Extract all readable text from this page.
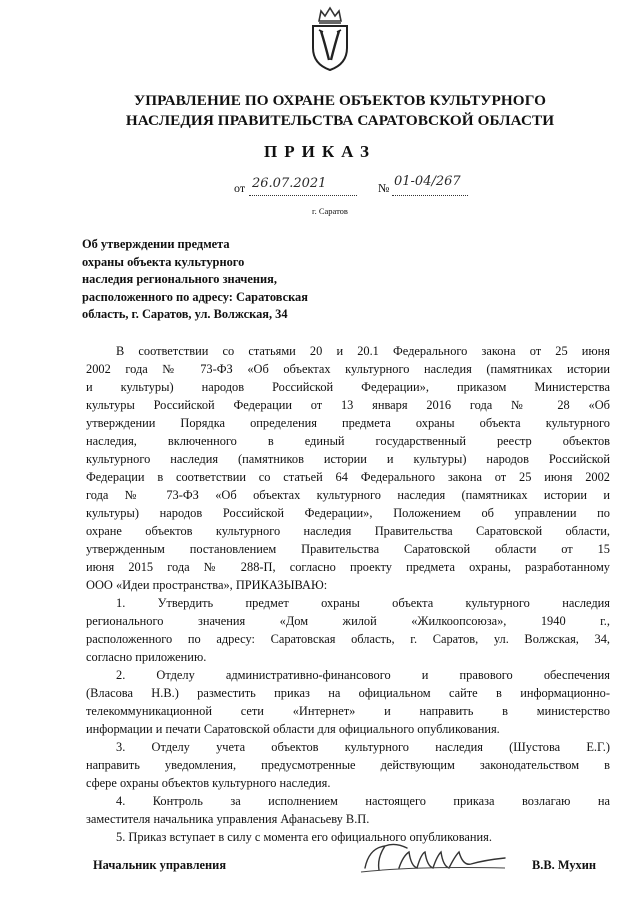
УПРАВЛЕНИЕ ПО ОХРАНЕ ОБЪЕКТОВ КУЛЬТУРНОГО
НАСЛЕДИЯ ПРАВИТЕЛЬСТВА САРАТОВСКОЙ ОБЛАСТИ
ПРИКАЗ
от 26.07.2021	№ 01-04/267
г. Саратов
Об утверждении предмета
охраны объекта культурного
наследия регионального значения,
расположенного по адресу: Саратовская
область, г. Саратов, ул. Волжская, 34
В соответствии со статьями 20 и 20.1 Федерального закона от 25 июня
2002 года № 73-ФЗ «Об объектах культурного наследия (памятниках истории
и культуры) народов Российской Федерации», приказом Министерства
культуры Российской Федерации от 13 января 2016 года № 28 «Об
утверждении Порядка определения предмета охраны объекта культурного
наследия, включенного в единый государственный реестр объектов
культурного наследия (памятников истории и культуры) народов Российской
Федерации в соответствии со статьей 64 Федерального закона от 25 июня 2002
года № 73-ФЗ «Об объектах культурного наследия (памятниках истории и
культуры) народов Российской Федерации», Положением об управлении по
охране объектов культурного наследия Правительства Саратовской области,
утвержденным постановлением Правительства Саратовской области от 15
июня 2015 года № 288-П, согласно проекту предмета охраны, разработанному
ООО «Идеи пространства», ПРИКАЗЫВАЮ:
1. Утвердить предмет охраны объекта культурного наследия
регионального значения «Дом жилой «Жилкоопсоюза», 1940 г.,
расположенного по адресу: Саратовская область, г. Саратов, ул. Волжская, 34,
согласно приложению.
2. Отделу административно-финансового и правового обеспечения
(Власова Н.В.) разместить приказ на официальном сайте в информационно-
телекоммуникационной сети «Интернет» и направить в министерство
информации и печати Саратовской области для официального опубликования.
3. Отделу учета объектов культурного наследия (Шустова Е.Г.)
направить уведомления, предусмотренные действующим законодательством в
сфере охраны объектов культурного наследия.
4. Контроль за исполнением настоящего приказа возлагаю на
заместителя начальника управления Афанасьеву В.П.
5. Приказ вступает в силу с момента его официального опубликования.
Начальник управления	В.В. Мухин
